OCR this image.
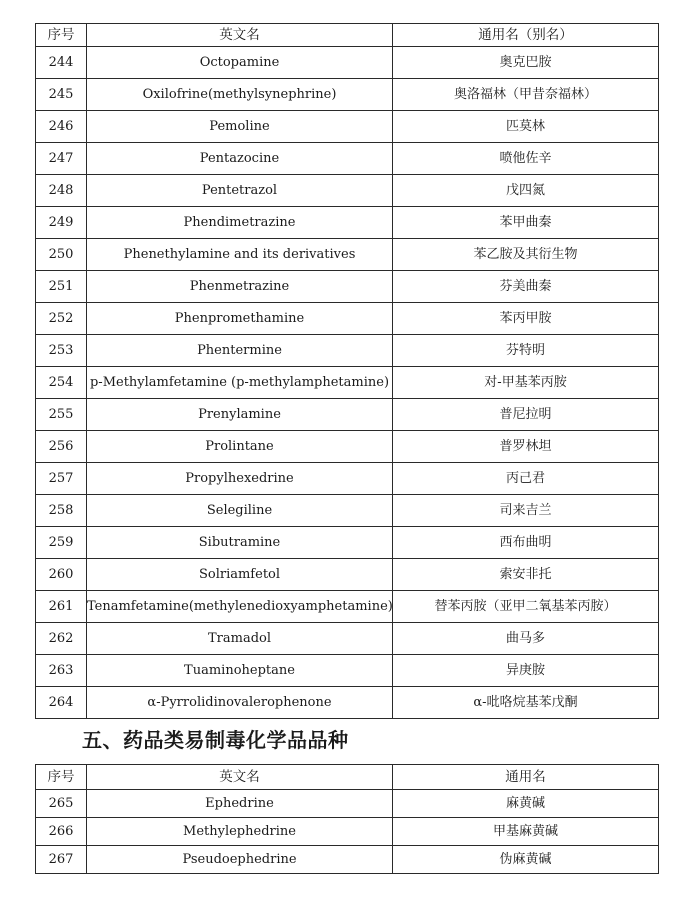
序号	英文名	通用名（别名）
244	Octopamine	奥克巴胺
245	Oxilofrine(methylsynephrine)	奥洛福林（甲昔奈福林）
246	Pemoline	匹莫林
247	Pentazocine	喷他佐辛
248	Pentetrazol	戊四氮
249	Phendimetrazine	苯甲曲秦
250	Phenethylamine and its derivatives	苯乙胺及其衍生物
251	Phenmetrazine	芬美曲秦
252	Phenpromethamine	苯丙甲胺
253	Phentermine	芬特明
254	p-Methylamfetamine (p-methylamphetamine)	对-甲基苯丙胺
255	Prenylamine	普尼拉明
256	Prolintane	普罗林坦
257	Propylhexedrine	丙己君
258	Selegiline	司来吉兰
259	Sibutramine	西布曲明
260	Solriamfetol	索安非托
261	Tenamfetamine(methylenedioxyamphetamine)	替苯丙胺（亚甲二氧基苯丙胺）
262	Tramadol	曲马多
263	Tuaminoheptane	异庚胺
264	α-Pyrrolidinovalerophenone	α-吡咯烷基苯戊酮
五、药品类易制毒化学品品种
序号	英文名	通用名
265	Ephedrine	麻黄碱
266	Methylephedrine	甲基麻黄碱
267	Pseudoephedrine	伪麻黄碱
